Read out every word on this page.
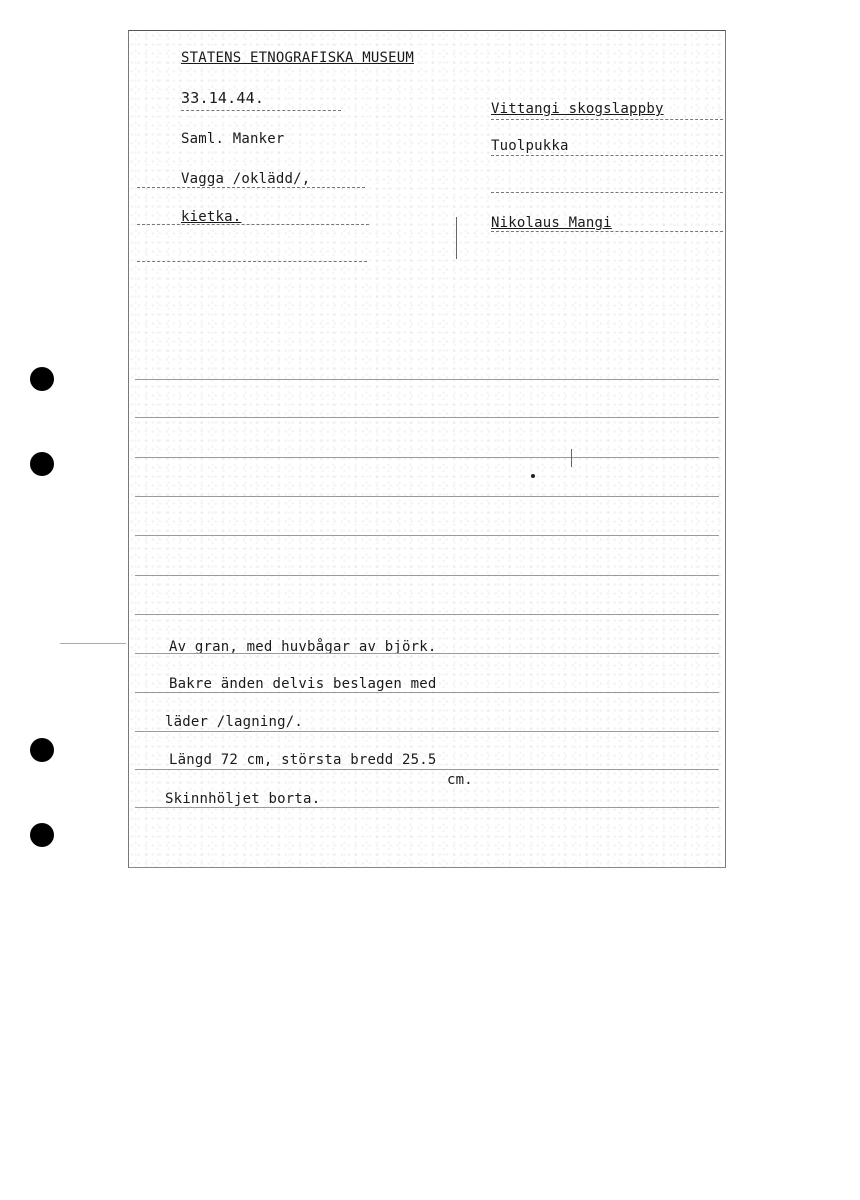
STATENS ETNOGRAFISKA MUSEUM
33.14.44.
Saml. Manker
Vagga /oklädd/,
kietka.
Vittangi skogslappby
Tuolpukka
Nikolaus Mangi
Av gran, med huvbågar av björk.
Bakre änden delvis beslagen med
läder /lagning/.
Längd 72 cm, största bredd 25.5
cm.
Skinnhöljet borta.
